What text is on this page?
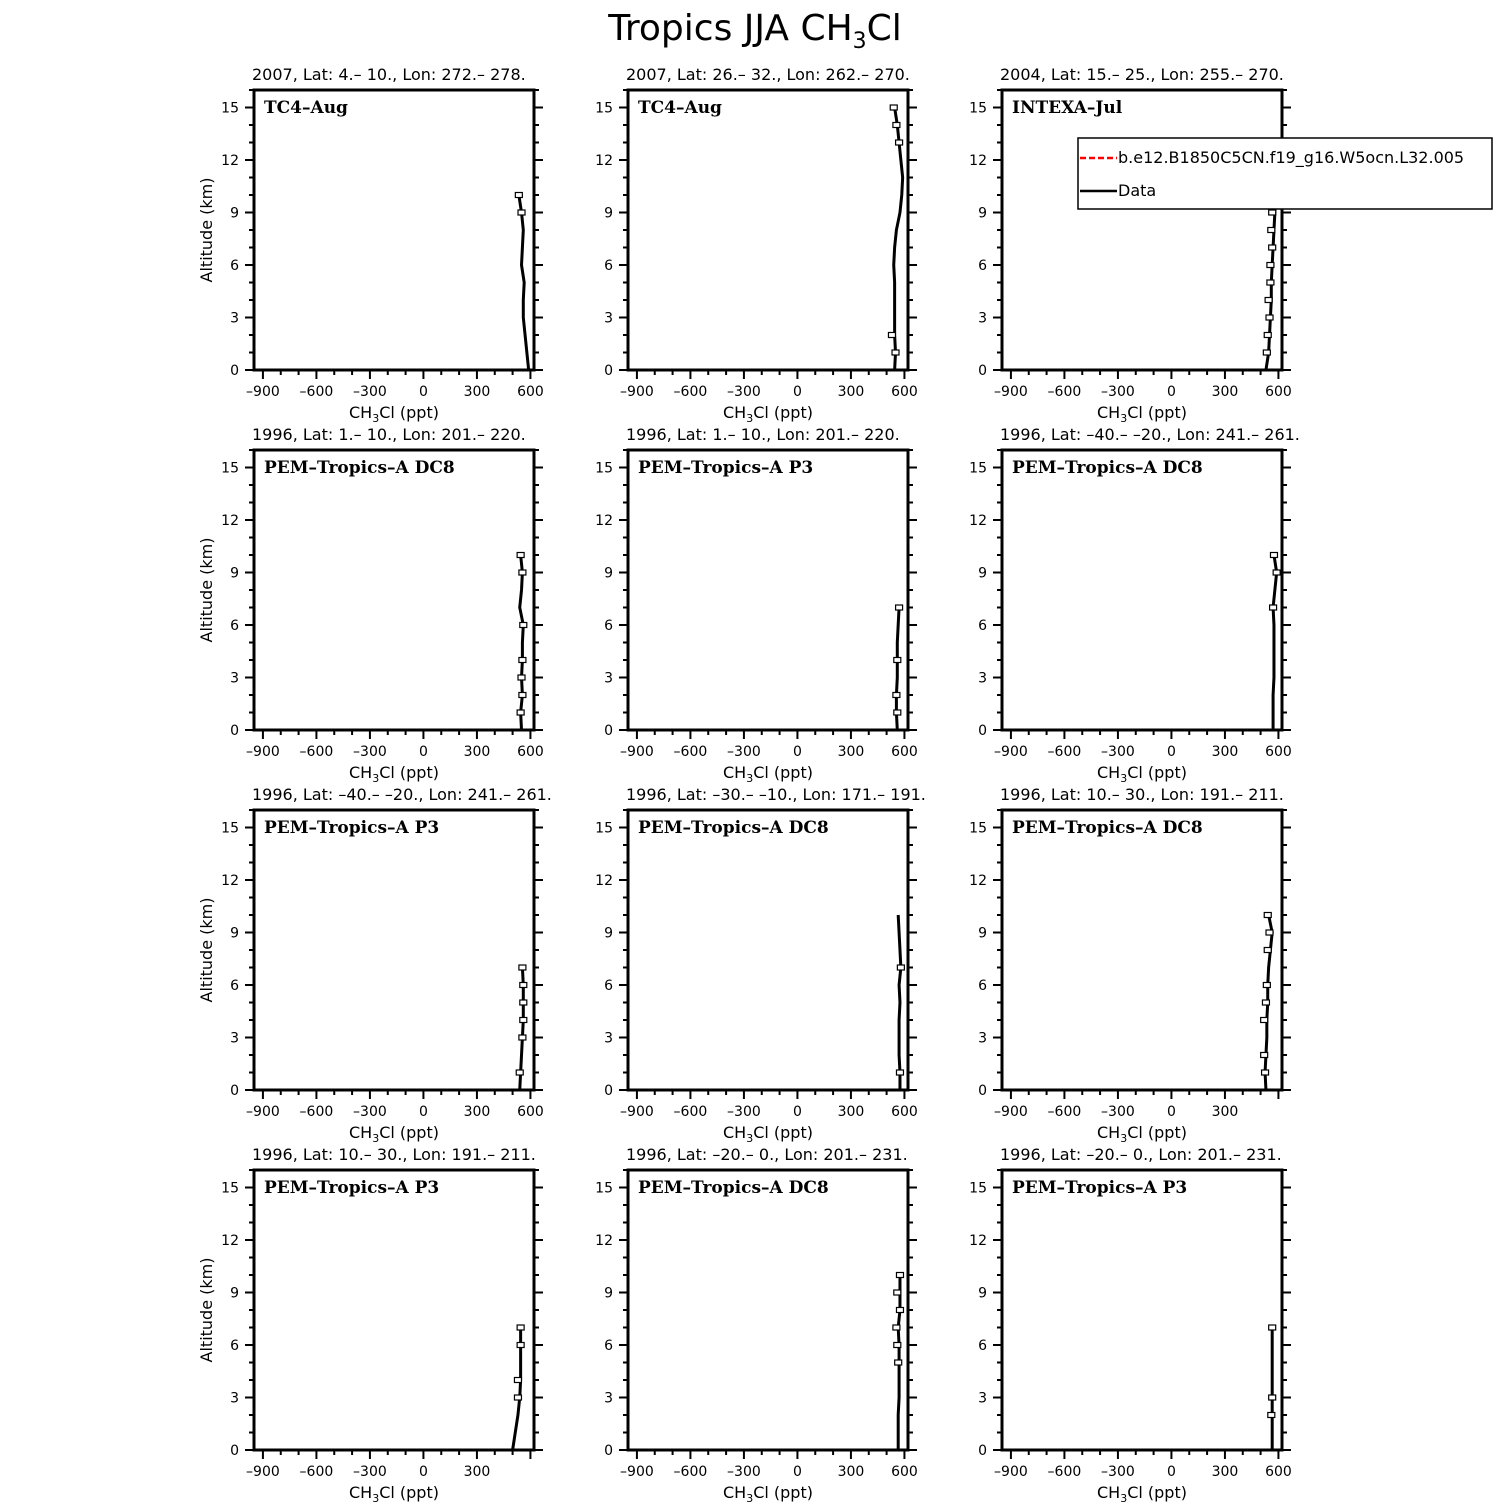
Tropics JJA $CH_3Cl$
2007, Lat: 4.– 10., Lon: 272.– 278.
0
3
6
9
12
15
–900 –600 –300 0	300 600
CH3Cl (ppt)
Altitude (km)
TC4–Aug
2007, Lat: 26.– 32., Lon: 262.– 270.
0
3
6
9
12
15
–900 –600 –300 0	300 600
CH3Cl (ppt)
TC4–Aug
2004, Lat: 15.– 25., Lon: 255.– 270.
0
3
6
9
12
15
–900 –600 –300 0	300 600
CH3Cl (ppt)
INTEXA–Jul
1996, Lat: 1.– 10., Lon: 201.– 220.
0
3
6
9
12
15
–900 –600 –300 0	300 600
CH3Cl (ppt)
Altitude (km)
PEM–Tropics–A DC8
1996, Lat: 1.– 10., Lon: 201.– 220.
0
3
6
9
12
15
–900 –600 –300 0	300 600
CH3Cl (ppt)
PEM–Tropics–A P3
1996, Lat: –40.– –20., Lon: 241.– 261.
0
3
6
9
12
15
–900 –600 –300 0	300 600
CH3Cl (ppt)
PEM–Tropics–A DC8
1996, Lat: –40.– –20., Lon: 241.– 261.
0
3
6
9
12
15
–900 –600 –300 0	300 600
CH3Cl (ppt)
Altitude (km)
PEM–Tropics–A P3
1996, Lat: –30.– –10., Lon: 171.– 191.
0
3
6
9
12
15
–900 –600 –300 0	300 600
CH3Cl (ppt)
PEM–Tropics–A DC8
1996, Lat: 10.– 30., Lon: 191.– 211.
0
3
6
9
12
15
–900 –600 –300 0	300
CH3Cl (ppt)
PEM–Tropics–A DC8
1996, Lat: 10.– 30., Lon: 191.– 211.
0
3
6
9
12
15
–900 –600 –300 0	300
CH3Cl (ppt)
Altitude (km)
PEM–Tropics–A P3
1996, Lat: –20.– 0., Lon: 201.– 231.
0
3
6
9
12
15
–900 –600 –300 0	300 600
CH3Cl (ppt)
PEM–Tropics–A DC8
1996, Lat: –20.– 0., Lon: 201.– 231.
0
3
6
9
12
15
–900 –600 –300 0	300 600
CH3Cl (ppt)
PEM–Tropics–A P3
b.e12.B1850C5CN.f19_g16.W5ocn.L32.005
Data
